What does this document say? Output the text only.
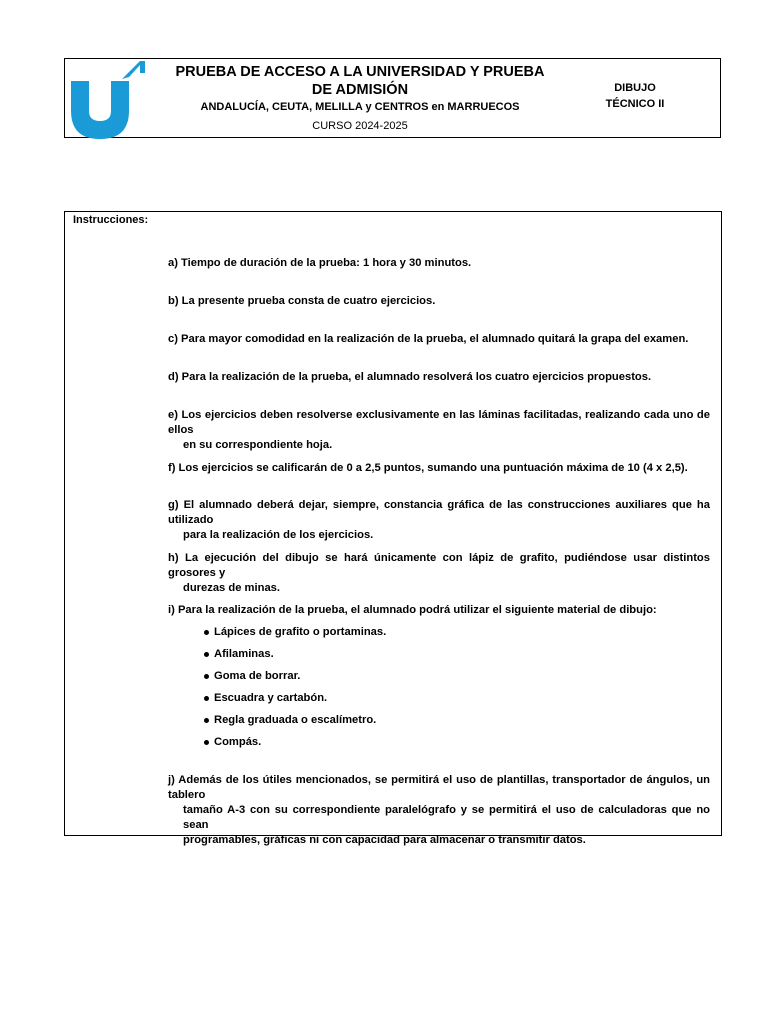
PRUEBA DE ACCESO A LA UNIVERSIDAD Y PRUEBA DE ADMISIÓN
ANDALUCÍA, CEUTA, MELILLA y CENTROS en MARRUECOS
CURSO 2024-2025
DIBUJO
TÉCNICO II
Instrucciones:
a) Tiempo de duración de la prueba: 1 hora y 30 minutos.
b) La presente prueba consta de cuatro ejercicios.
c) Para mayor comodidad en la realización de la prueba, el alumnado quitará la grapa del examen.
d) Para la realización de la prueba, el alumnado resolverá los cuatro ejercicios propuestos.
e) Los ejercicios deben resolverse exclusivamente en las láminas facilitadas, realizando cada uno de ellos
en su correspondiente hoja.
f) Los ejercicios se calificarán de 0 a 2,5 puntos, sumando una puntuación máxima de 10 (4 x 2,5).
g) El alumnado deberá dejar, siempre, constancia gráfica de las construcciones auxiliares que ha utilizado
para la realización de los ejercicios.
h) La ejecución del dibujo se hará únicamente con lápiz de grafito, pudiéndose usar distintos grosores y
durezas de minas.
i) Para la realización de la prueba, el alumnado podrá utilizar el siguiente material de dibujo:
Lápices de grafito o portaminas.
Afilaminas.
Goma de borrar.
Escuadra y cartabón.
Regla graduada o escalímetro.
Compás.
j) Además de los útiles mencionados, se permitirá el uso de plantillas, transportador de ángulos, un tablero
tamaño A-3 con su correspondiente paralelógrafo y se permitirá el uso de calculadoras que no sean
programables, gráficas ni con capacidad para almacenar o transmitir datos.
